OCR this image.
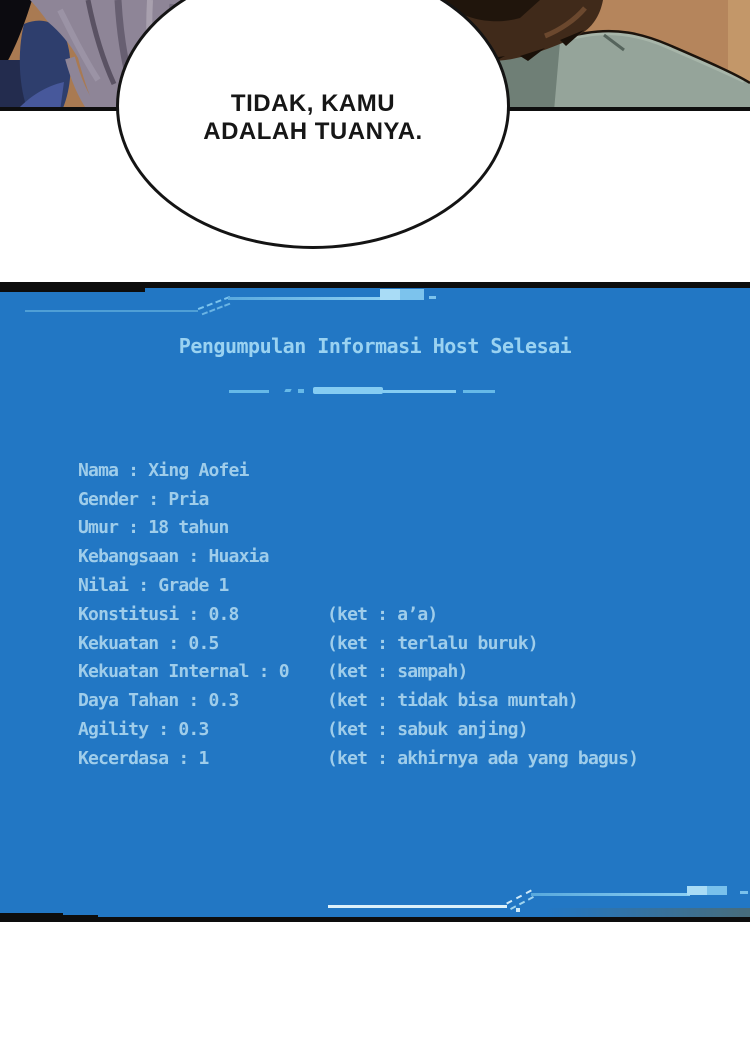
TIDAK, KAMU
ADALAH TUANYA.
Pengumpulan Informasi Host Selesai
Nama : Xing Aofei
Gender : Pria
Umur : 18 tahun
Kebangsaan : Huaxia
Nilai : Grade 1
Konstitusi : 0.8	(ket : a’a)
Kekuatan : 0.5	(ket : terlalu buruk)
Kekuatan Internal : 0	(ket : sampah)
Daya Tahan : 0.3	(ket : tidak bisa muntah)
Agility : 0.3	(ket : sabuk anjing)
Kecerdasa : 1	(ket : akhirnya ada yang bagus)
